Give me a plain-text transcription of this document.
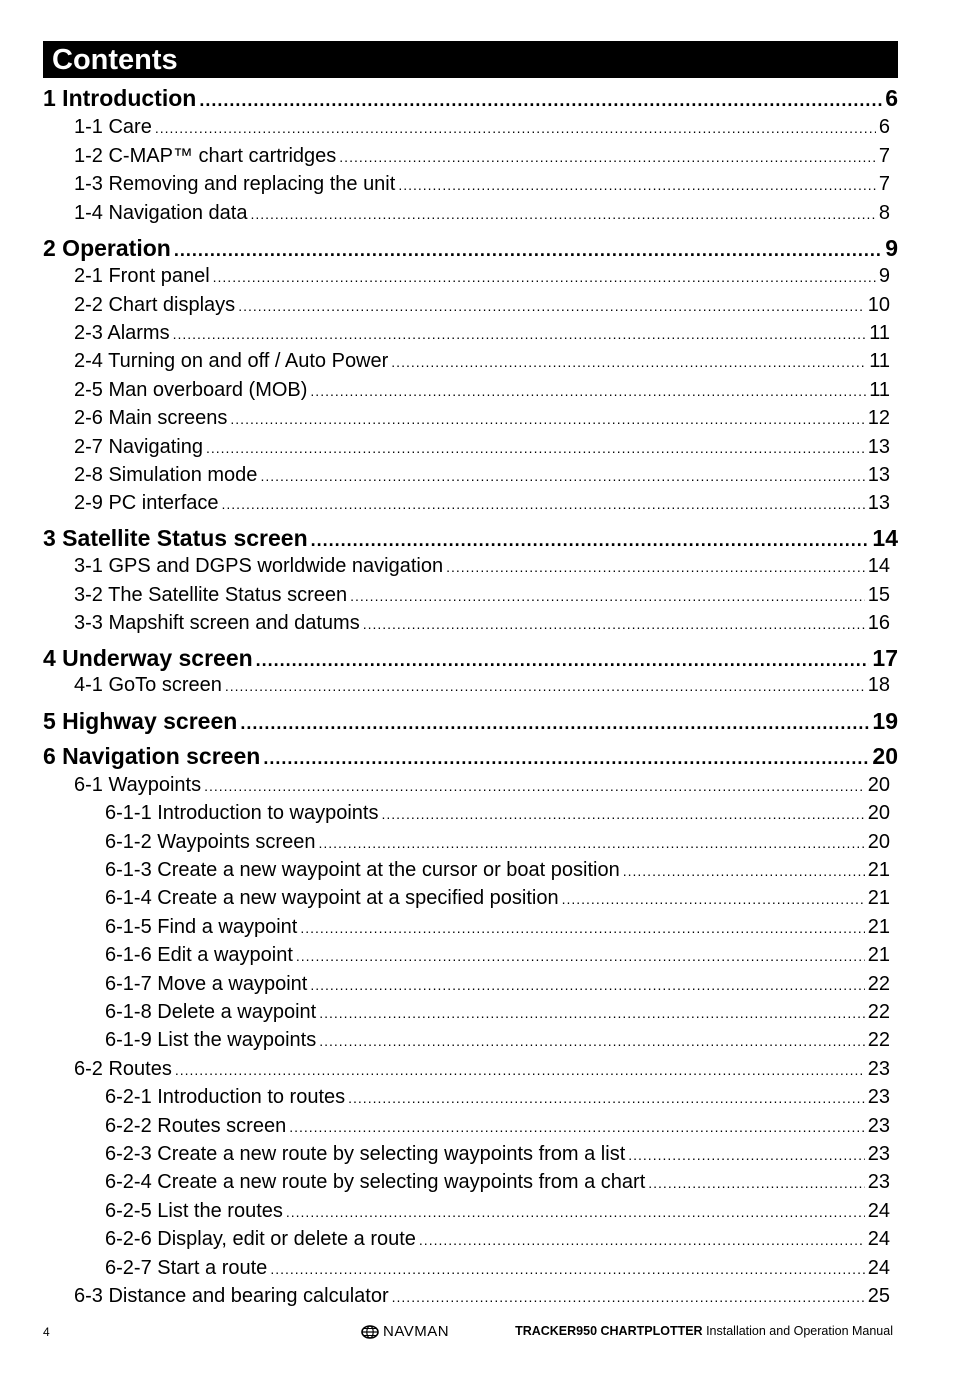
Contents
1 Introduction .....	6
1-1 Care .....	6
1-2 C-MAP™ chart cartridges .....	7
1-3 Removing and replacing the unit .....	7
1-4 Navigation data .....	8
2 Operation .....	9
2-1 Front panel .....	9
2-2 Chart displays .....	10
2-3 Alarms .....	11
2-4 Turning on and off / Auto Power .....	11
2-5 Man overboard (MOB) .....	11
2-6 Main screens .....	12
2-7 Navigating .....	13
2-8 Simulation mode .....	13
2-9 PC interface .....	13
3 Satellite Status screen .....	14
3-1 GPS and DGPS worldwide navigation .....	14
3-2 The Satellite Status screen .....	15
3-3 Mapshift screen and datums .....	16
4 Underway screen .....	17
4-1 GoTo screen .....	18
5 Highway screen .....	19
6 Navigation screen .....	20
6-1 Waypoints .....	20
6-1-1 Introduction to waypoints .....	20
6-1-2 Waypoints screen .....	20
6-1-3 Create a new waypoint at the cursor or boat position .....	21
6-1-4 Create a new waypoint at a specified position .....	21
6-1-5 Find a waypoint .....	21
6-1-6 Edit a waypoint .....	21
6-1-7 Move a waypoint .....	22
6-1-8 Delete a waypoint .....	22
6-1-9 List the waypoints .....	22
6-2 Routes .....	23
6-2-1 Introduction to routes .....	23
6-2-2 Routes screen .....	23
6-2-3 Create a new route by selecting waypoints from a list .....	23
6-2-4 Create a new route by selecting waypoints from a chart .....	23
6-2-5 List the routes .....	24
6-2-6 Display, edit or delete a route .....	24
6-2-7 Start a route .....	24
6-3 Distance and bearing calculator .....	25
4	NAVMAN	TRACKER950 CHARTPLOTTER Installation and Operation Manual
